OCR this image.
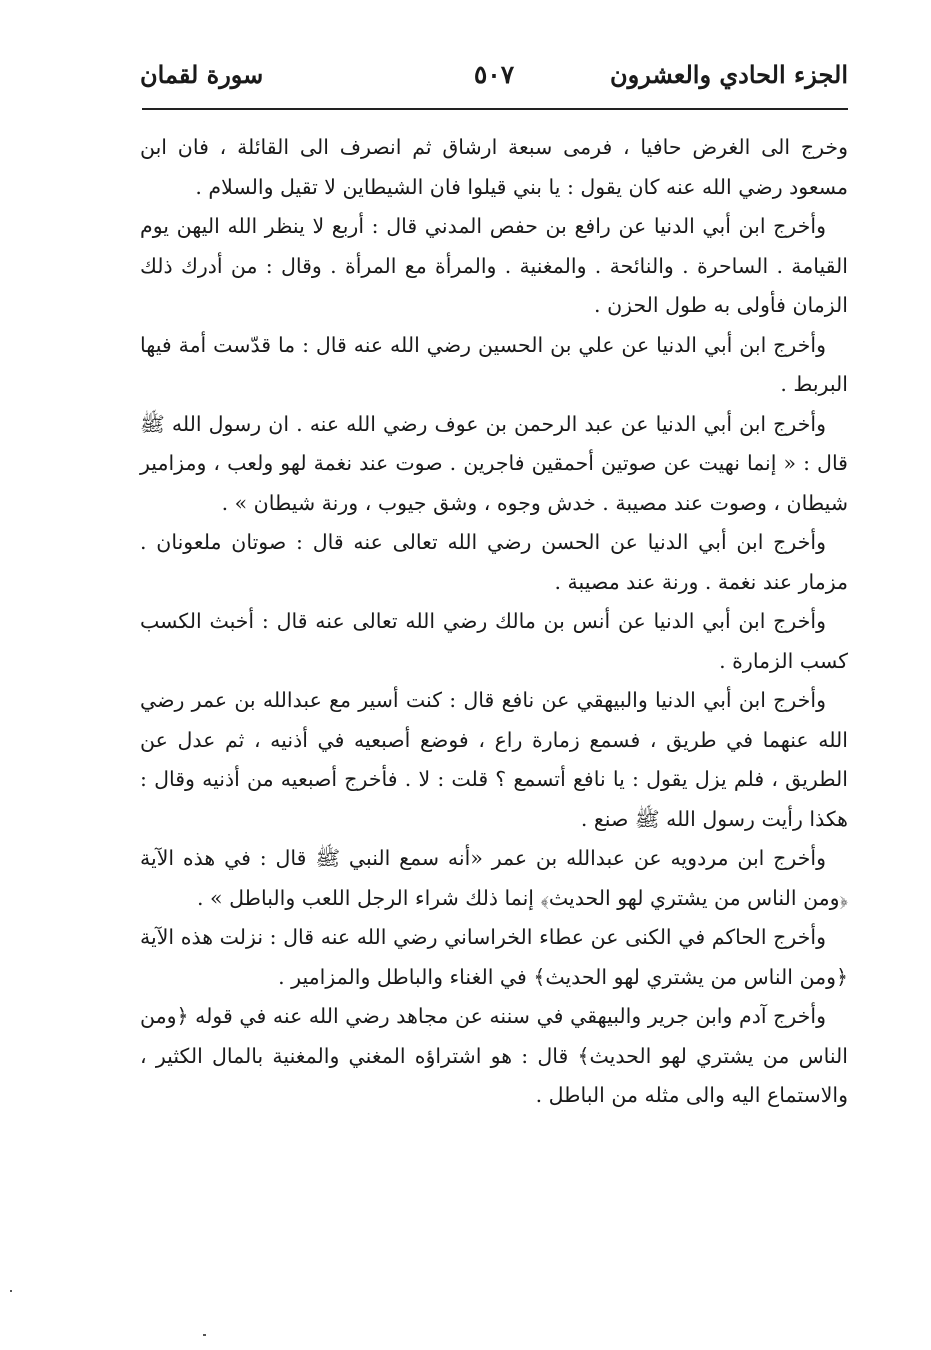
الجزء الحادي والعشرون
٥٠٧
سورة لقمان

وخرج الى الغرض حافيا ، فرمى سبعة ارشاق ثم انصرف الى القائلة ، فان ابن مسعود رضي الله عنه كان يقول : يا بني قيلوا فان الشيطاين لا تقيل والسلام .

وأخرج ابن أبي الدنيا عن رافع بن حفص المدني قال : أربع لا ينظر الله اليهن يوم القيامة . الساحرة . والنائحة . والمغنية . والمرأة مع المرأة . وقال : من أدرك ذلك الزمان فأولى به طول الحزن .

وأخرج ابن أبي الدنيا عن علي بن الحسين رضي الله عنه قال : ما قدّست أمة فيها البربط .

وأخرج ابن أبي الدنيا عن عبد الرحمن بن عوف رضي الله عنه . ان رسول الله ﷺ قال : « إنما نهيت عن صوتين أحمقين فاجرين . صوت عند نغمة لهو ولعب ، ومزامير شيطان ، وصوت عند مصيبة . خدش وجوه ، وشق جيوب ، ورنة شيطان » .

وأخرج ابن أبي الدنيا عن الحسن رضي الله تعالى عنه قال : صوتان ملعونان . مزمار عند نغمة . ورنة عند مصيبة .

وأخرج ابن أبي الدنيا عن أنس بن مالك رضي الله تعالى عنه قال : أخبث الكسب كسب الزمارة .

وأخرج ابن أبي الدنيا والبيهقي عن نافع قال : كنت أسير مع عبدالله بن عمر رضي الله عنهما في طريق ، فسمع زمارة راع ، فوضع أصبعيه في أذنيه ، ثم عدل عن الطريق ، فلم يزل يقول : يا نافع أتسمع ؟ قلت : لا . فأخرج أصبعيه من أذنيه وقال : هكذا رأيت رسول الله ﷺ صنع .

وأخرج ابن مردويه عن عبدالله بن عمر «أنه سمع النبي ﷺ قال : في هذه الآية ﴿ومن الناس من يشتري لهو الحديث﴾ إنما ذلك شراء الرجل اللعب والباطل » .

وأخرج الحاكم في الكنى عن عطاء الخراساني رضي الله عنه قال : نزلت هذه الآية ﴿ومن الناس من يشتري لهو الحديث﴾ في الغناء والباطل والمزامير .

وأخرج آدم وابن جرير والبيهقي في سننه عن مجاهد رضي الله عنه في قوله ﴿ومن الناس من يشتري لهو الحديث﴾ قال : هو اشتراؤه المغني والمغنية بالمال الكثير ، والاستماع اليه والى مثله من الباطل .
